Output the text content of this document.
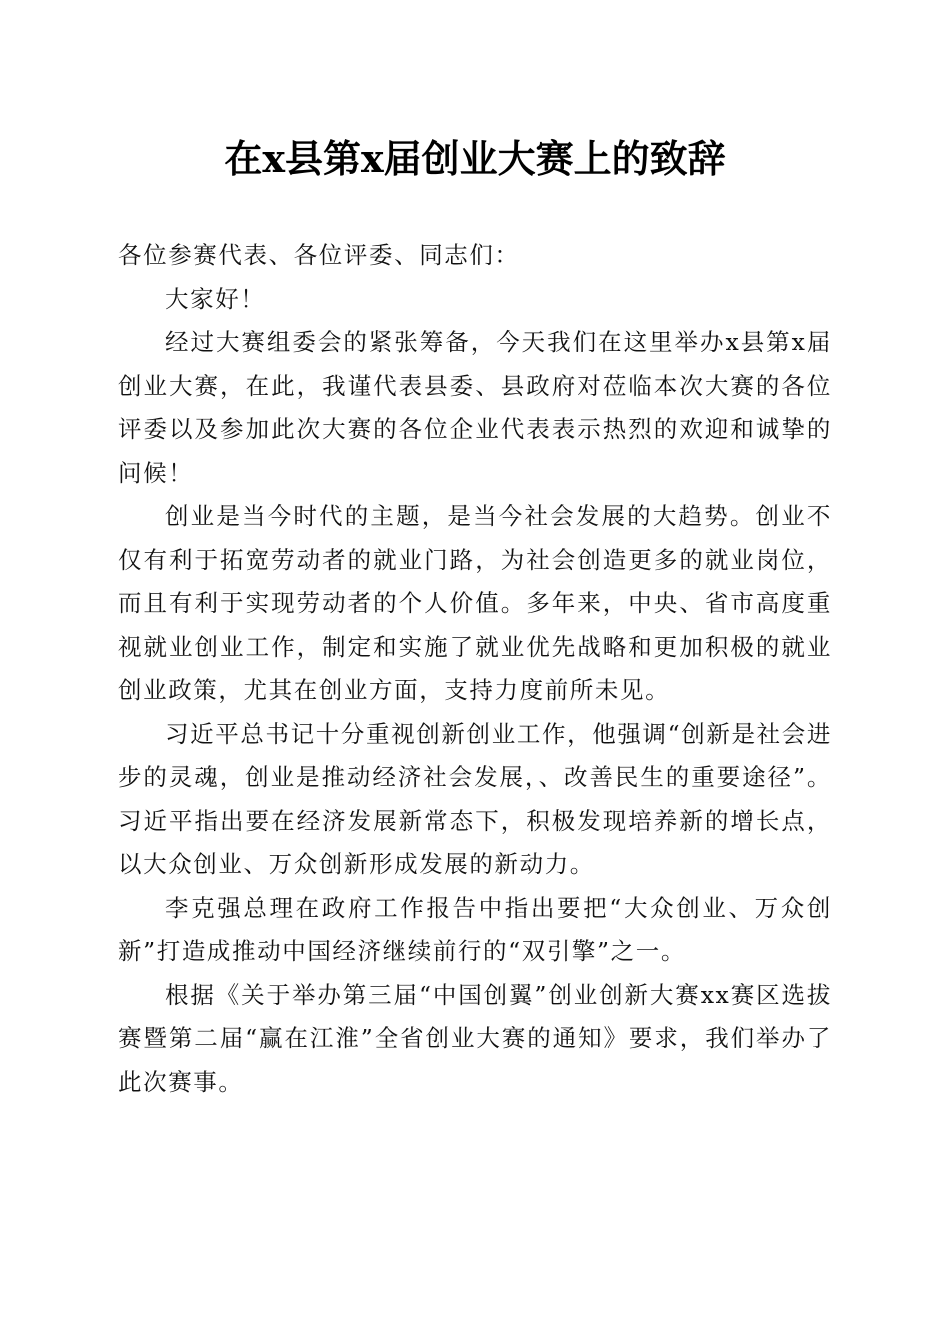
在x县第x届创业大赛上的致辞

各位参赛代表、各位评委、同志们：

大家好！

经过大赛组委会的紧张筹备，今天我们在这里举办x县第x届创业大赛，在此，我谨代表县委、县政府对莅临本次大赛的各位评委以及参加此次大赛的各位企业代表表示热烈的欢迎和诚挚的问候！

创业是当今时代的主题，是当今社会发展的大趋势。创业不仅有利于拓宽劳动者的就业门路，为社会创造更多的就业岗位，而且有利于实现劳动者的个人价值。多年来，中央、省市高度重视就业创业工作，制定和实施了就业优先战略和更加积极的就业创业政策，尤其在创业方面，支持力度前所未见。

习近平总书记十分重视创新创业工作，他强调“创新是社会进步的灵魂，创业是推动经济社会发展，、改善民生的重要途径”。习近平指出要在经济发展新常态下，积极发现培养新的增长点，以大众创业、万众创新形成发展的新动力。

李克强总理在政府工作报告中指出要把“大众创业、万众创新”打造成推动中国经济继续前行的“双引擎”之一。

根据《关于举办第三届“中国创翼”创业创新大赛xx赛区选拔赛暨第二届“赢在江淮”全省创业大赛的通知》要求，我们举办了此次赛事。
